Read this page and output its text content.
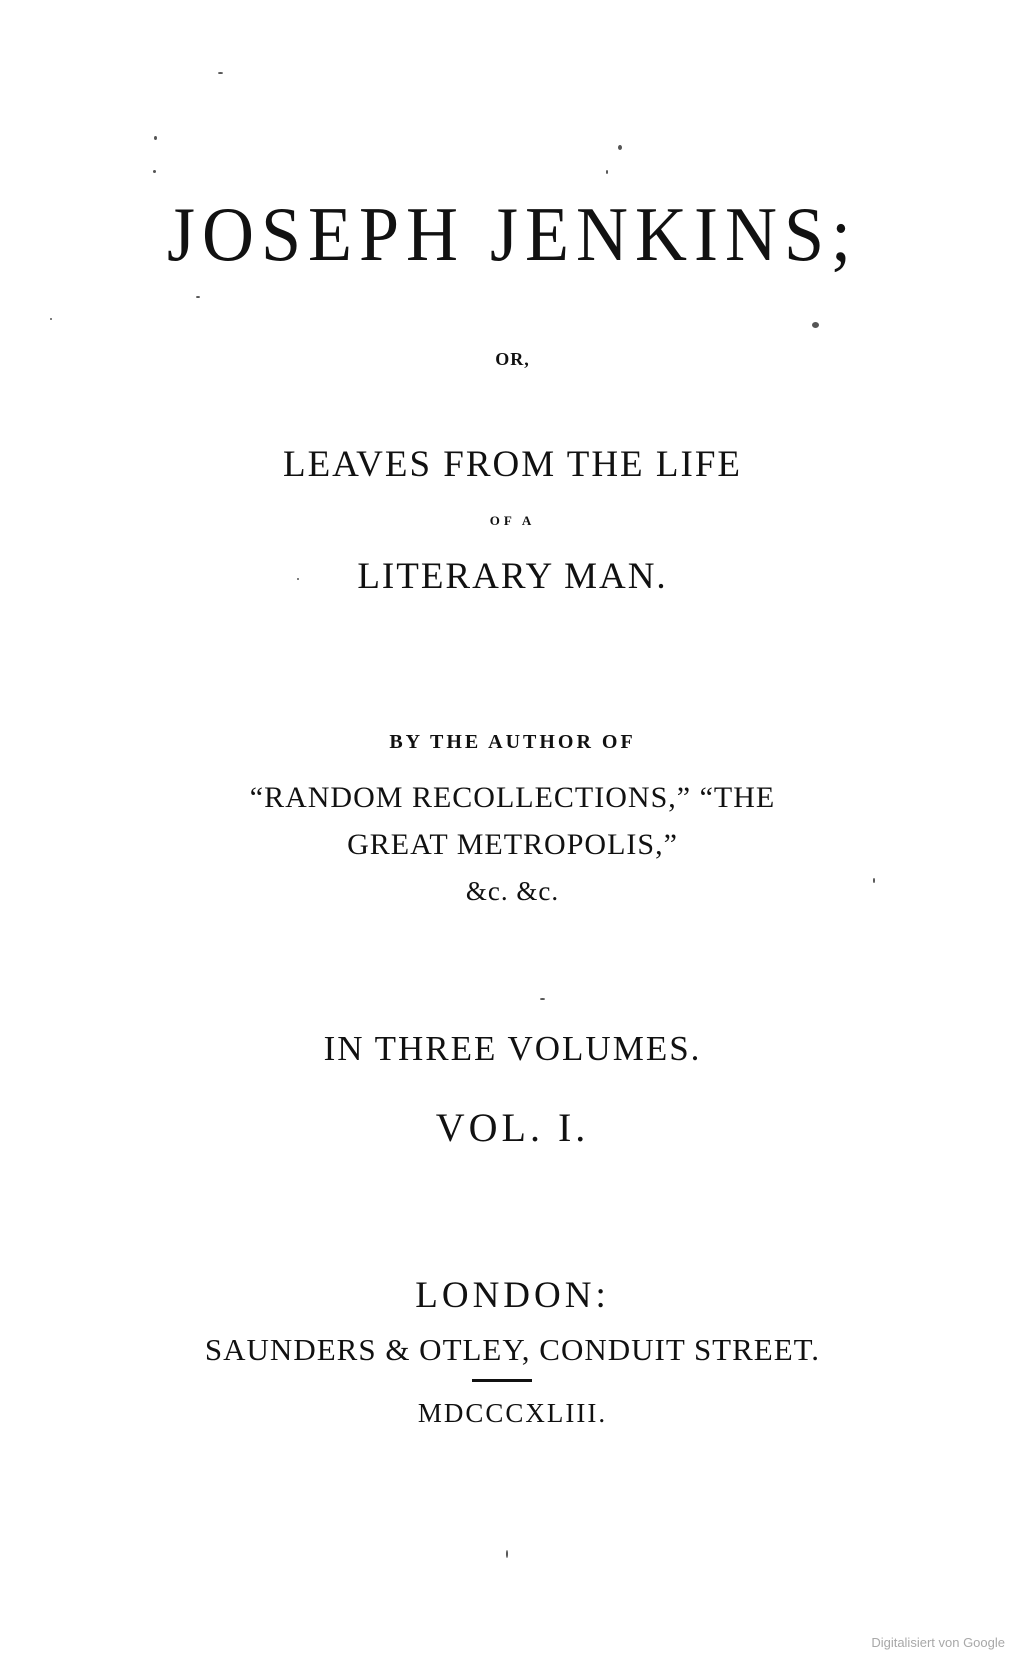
JOSEPH JENKINS;
OR,
LEAVES FROM THE LIFE
OF A
LITERARY MAN.
BY THE AUTHOR OF
“RANDOM RECOLLECTIONS,” “THE
GREAT METROPOLIS,”
&c. &c.
IN THREE VOLUMES.
VOL. I.
LONDON:
SAUNDERS & OTLEY, CONDUIT STREET.
MDCCCXLIII.
Digitalisiert von Google
